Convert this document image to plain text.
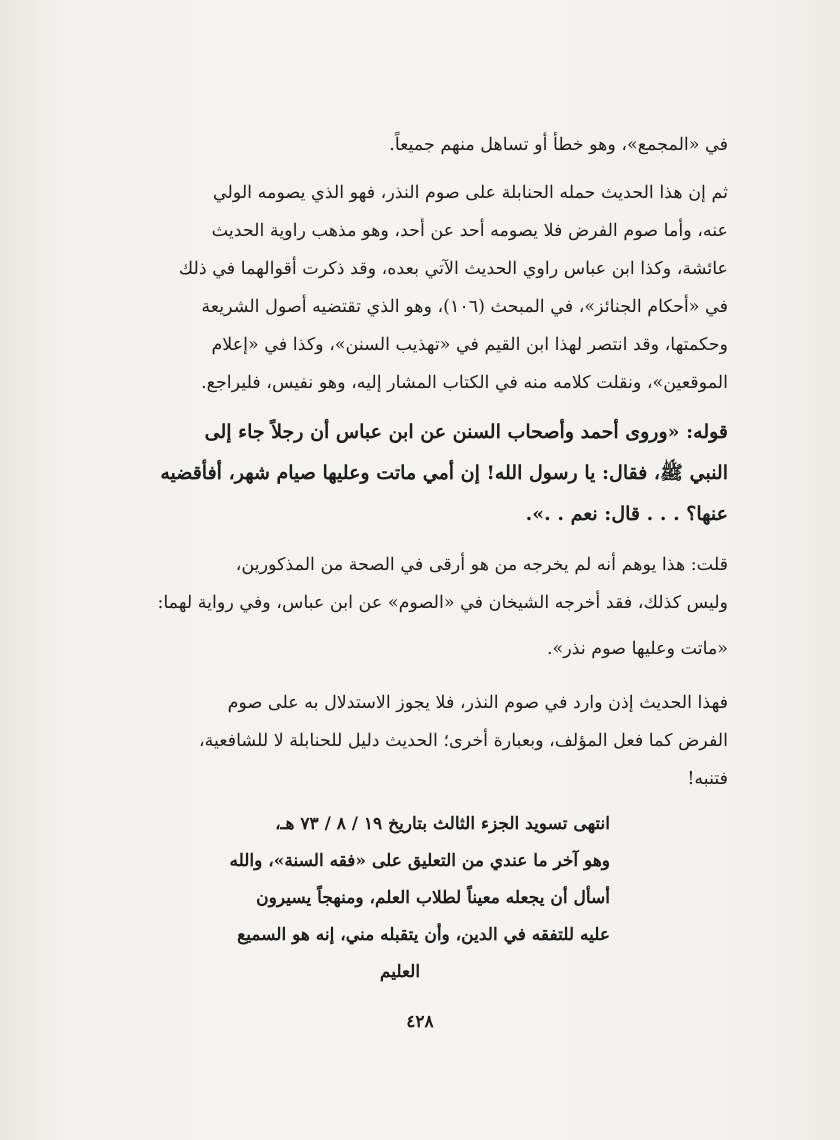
في «المجمع»، وهو خطأ أو تساهل منهم جميعاً.
ثم إن هذا الحديث حمله الحنابلة على صوم النذر، فهو الذي يصومه الولي
عنه، وأما صوم الفرض فلا يصومه أحد عن أحد، وهو مذهب راوية الحديث
عائشة، وكذا ابن عباس راوي الحديث الآتي بعده، وقد ذكرت أقوالهما في ذلك
في «أحكام الجنائز»، في المبحث (١٠٦)، وهو الذي تقتضيه أصول الشريعة
وحكمتها، وقد انتصر لهذا ابن القيم في «تهذيب السنن»، وكذا في «إعلام
الموقعين»، ونقلت كلامه منه في الكتاب المشار إليه، وهو نفيس، فليراجع.
قوله: «وروى أحمد وأصحاب السنن عن ابن عباس أن رجلاً جاء إلى
النبي ﷺ، فقال: يا رسول الله! إن أمي ماتت وعليها صيام شهر، أفأقضيه
عنها؟ . . . قال: نعم . .».
قلت: هذا يوهم أنه لم يخرجه من هو أرقى في الصحة من المذكورين،
وليس كذلك، فقد أخرجه الشيخان في «الصوم» عن ابن عباس، وفي رواية لهما:
«ماتت وعليها صوم نذر».
فهذا الحديث إذن وارد في صوم النذر، فلا يجوز الاستدلال به على صوم
الفرض كما فعل المؤلف، وبعبارة أخرى؛ الحديث دليل للحنابلة لا للشافعية،
فتنبه!
انتهى تسويد الجزء الثالث بتاريخ ١٩ / ٨ / ٧٣ هـ،
وهو آخر ما عندي من التعليق على «فقه السنة»، والله
أسأل أن يجعله معيناً لطلاب العلم، ومنهجاً يسيرون
عليه للتفقه في الدين، وأن يتقبله مني، إنه هو السميع
العليم
٤٢٨
